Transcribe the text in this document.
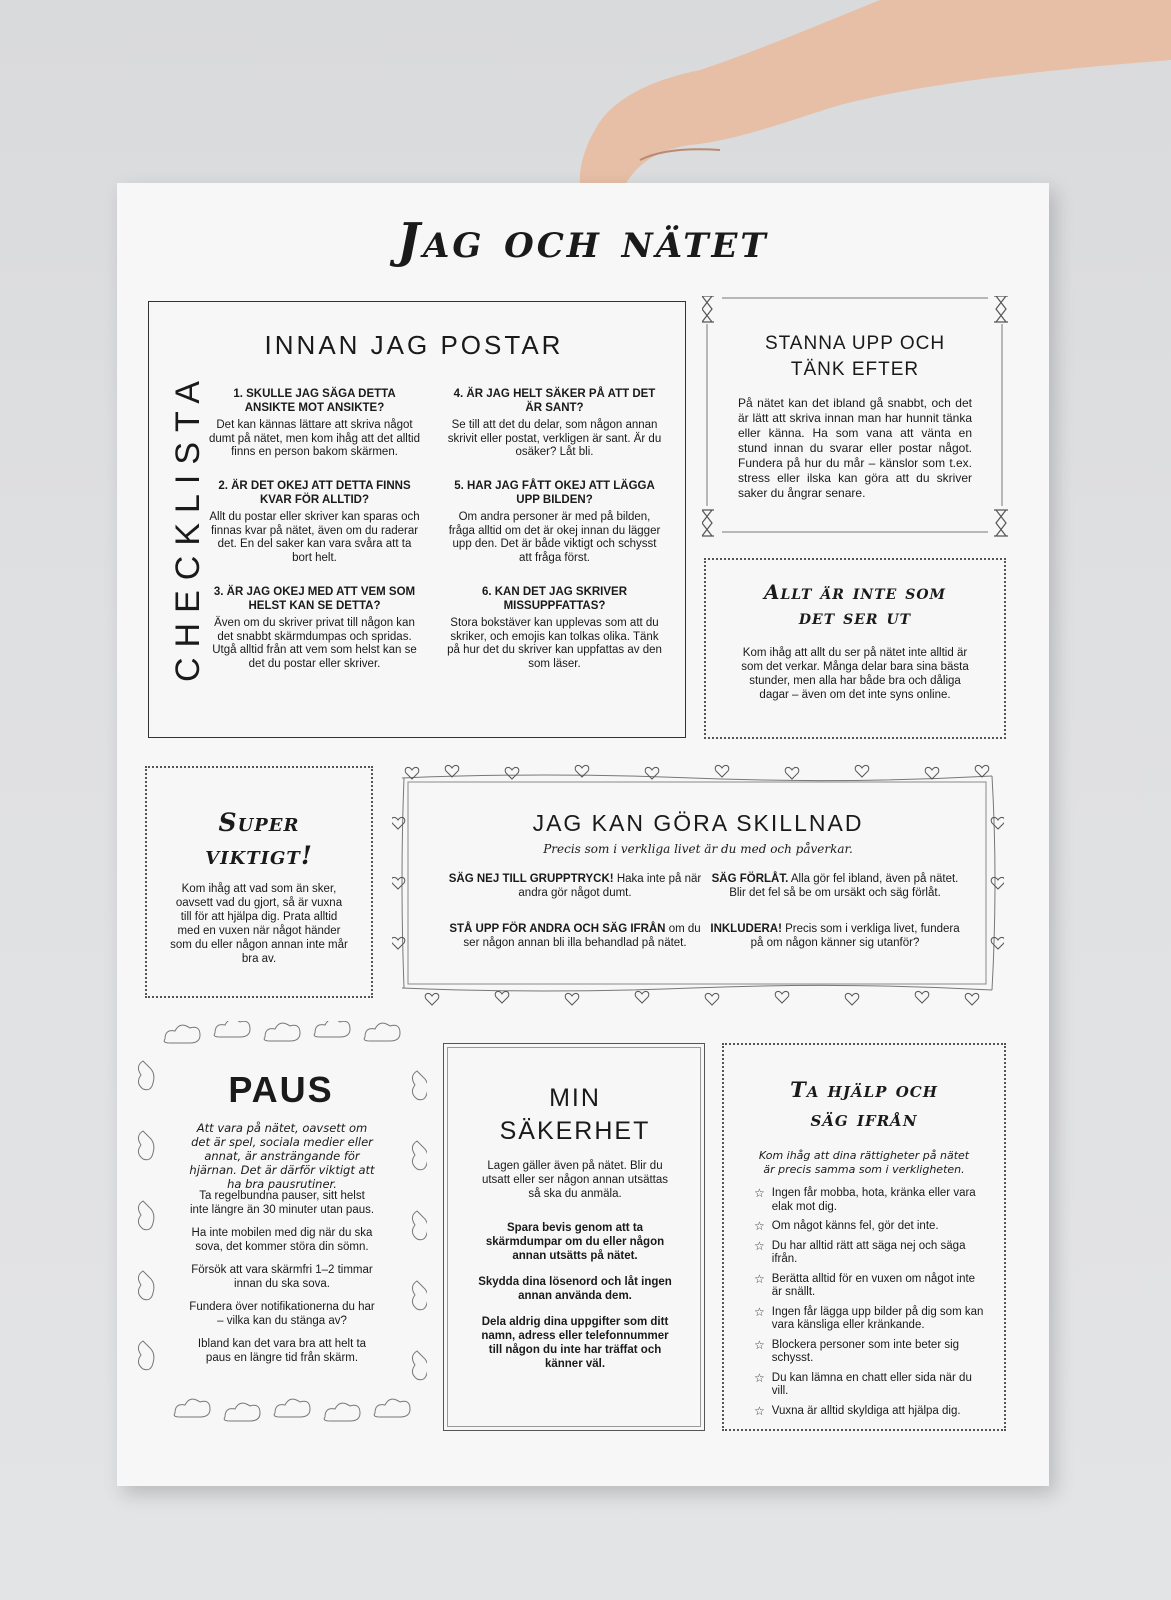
Jag och nätet
CHECKLISTA
INNAN JAG POSTAR
1. SKULLE JAG SÄGA DETTA ANSIKTE MOT ANSIKTE?
Det kan kännas lättare att skriva något dumt på nätet, men kom ihåg att det alltid finns en person bakom skärmen.
2. ÄR DET OKEJ ATT DETTA FINNS KVAR FÖR ALLTID?
Allt du postar eller skriver kan sparas och finnas kvar på nätet, även om du raderar det. En del saker kan vara svåra att ta bort helt.
3. ÄR JAG OKEJ MED ATT VEM SOM HELST KAN SE DETTA?
Även om du skriver privat till någon kan det snabbt skärmdumpas och spridas. Utgå alltid från att vem som helst kan se det du postar eller skriver.
4. ÄR JAG HELT SÄKER PÅ ATT DET ÄR SANT?
Se till att det du delar, som någon annan skrivit eller postat, verkligen är sant. Är du osäker? Låt bli.
5. HAR JAG FÅTT OKEJ ATT LÄGGA UPP BILDEN?
Om andra personer är med på bilden, fråga alltid om det är okej innan du lägger upp den. Det är både viktigt och schysst att fråga först.
6. KAN DET JAG SKRIVER MISSUPPFATTAS?
Stora bokstäver kan upplevas som att du skriker, och emojis kan tolkas olika. Tänk på hur det du skriver kan uppfattas av den som läser.
STANNA UPP OCH
TÄNK EFTER
På nätet kan det ibland gå snabbt, och det är lätt att skriva innan man har hunnit tänka eller känna. Ha som vana att vänta en stund innan du svarar eller postar något. Fundera på hur du mår – känslor som t.ex. stress eller ilska kan göra att du skriver saker du ångrar senare.
Allt är inte som
det ser ut
Kom ihåg att allt du ser på nätet inte alltid är som det verkar. Många delar bara sina bästa stunder, men alla har både bra och dåliga dagar – även om det inte syns online.
Super
viktigt!
Kom ihåg att vad som än sker, oavsett vad du gjort, så är vuxna till för att hjälpa dig. Prata alltid med en vuxen när något händer som du eller någon annan inte mår bra av.
JAG KAN GÖRA SKILLNAD
Precis som i verkliga livet är du med och påverkar.
SÄG NEJ TILL GRUPPTRYCK! Haka inte på när andra gör något dumt.
STÅ UPP FÖR ANDRA OCH SÄG IFRÅN om du ser någon annan bli illa behandlad på nätet.
SÄG FÖRLÅT. Alla gör fel ibland, även på nätet. Blir det fel så be om ursäkt och säg förlåt.
INKLUDERA! Precis som i verkliga livet, fundera på om någon känner sig utanför?
PAUS
Att vara på nätet, oavsett om det är spel, sociala medier eller annat, är ansträngande för hjärnan. Det är därför viktigt att ha bra pausrutiner.

Ta regelbundna pauser, sitt helst inte längre än 30 minuter utan paus.

Ha inte mobilen med dig när du ska sova, det kommer störa din sömn.

Försök att vara skärmfri 1–2 timmar innan du ska sova.

Fundera över notifikationerna du har – vilka kan du stänga av?

Ibland kan det vara bra att helt ta paus en längre tid från skärm.

MIN
SÄKERHET
Lagen gäller även på nätet. Blir du utsatt eller ser någon annan utsättas så ska du anmäla.

Spara bevis genom att ta skärmdumpar om du eller någon annan utsätts på nätet.

Skydda dina lösenord och låt ingen annan använda dem.

Dela aldrig dina uppgifter som ditt namn, adress eller telefonnummer till någon du inte har träffat och känner väl.

Ta hjälp och
säg ifrån
Kom ihåg att dina rättigheter på nätet är precis samma som i verkligheten.
☆ Ingen får mobba, hota, kränka eller vara elak mot dig.
☆ Om något känns fel, gör det inte.
☆ Du har alltid rätt att säga nej och säga ifrån.
☆ Berätta alltid för en vuxen om något inte är snällt.
☆ Ingen får lägga upp bilder på dig som kan vara känsliga eller kränkande.
☆ Blockera personer som inte beter sig schysst.
☆ Du kan lämna en chatt eller sida när du vill.
☆ Vuxna är alltid skyldiga att hjälpa dig.
